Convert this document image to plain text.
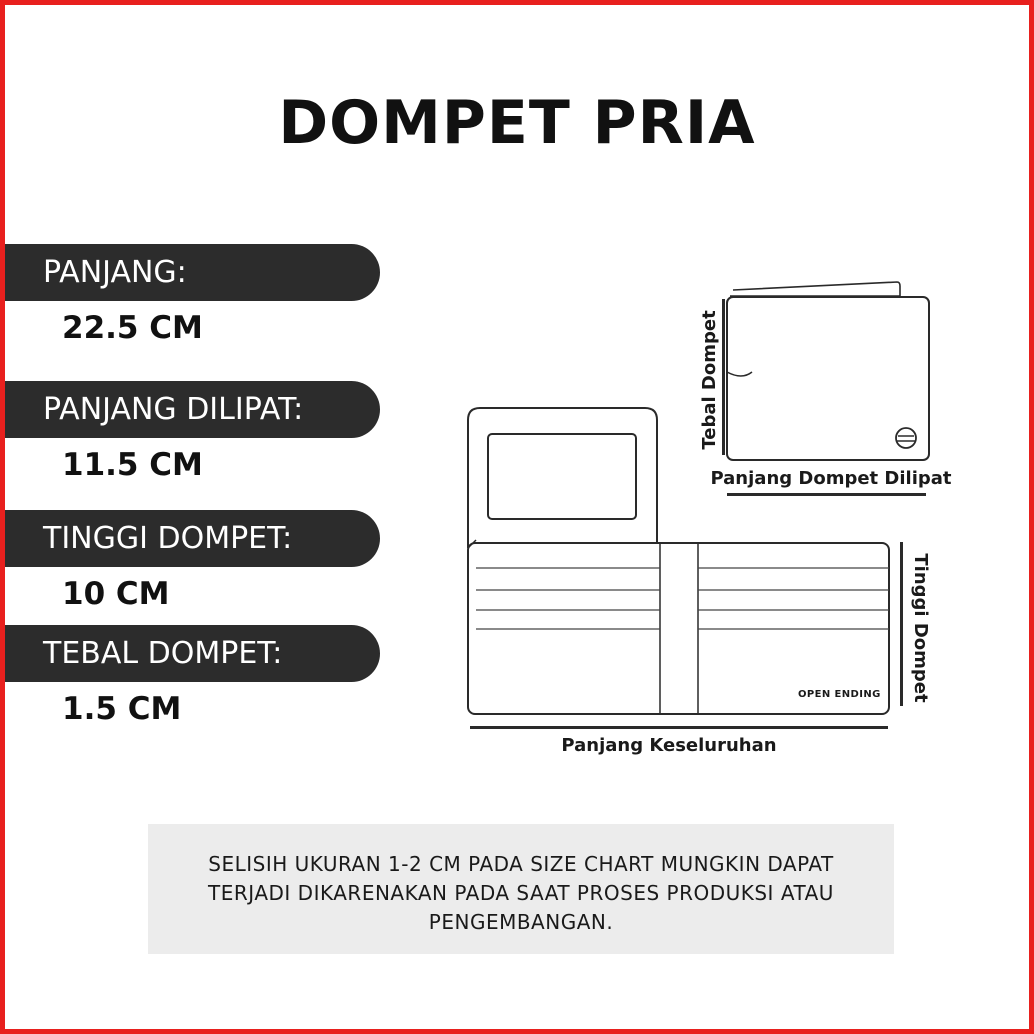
DOMPET PRIA
PANJANG:
22.5 CM
PANJANG DILIPAT:
11.5 CM
TINGGI DOMPET:
10 CM
TEBAL DOMPET:
1.5 CM	OPEN ENDING
Panjang Dompet Dilipat
Panjang Keseluruhan
Tebal Dompet
Tinggi Dompet
SELISIH UKURAN 1-2 CM PADA SIZE CHART MUNGKIN DAPAT
TERJADI DIKARENAKAN PADA SAAT PROSES PRODUKSI ATAU
PENGEMBANGAN.
